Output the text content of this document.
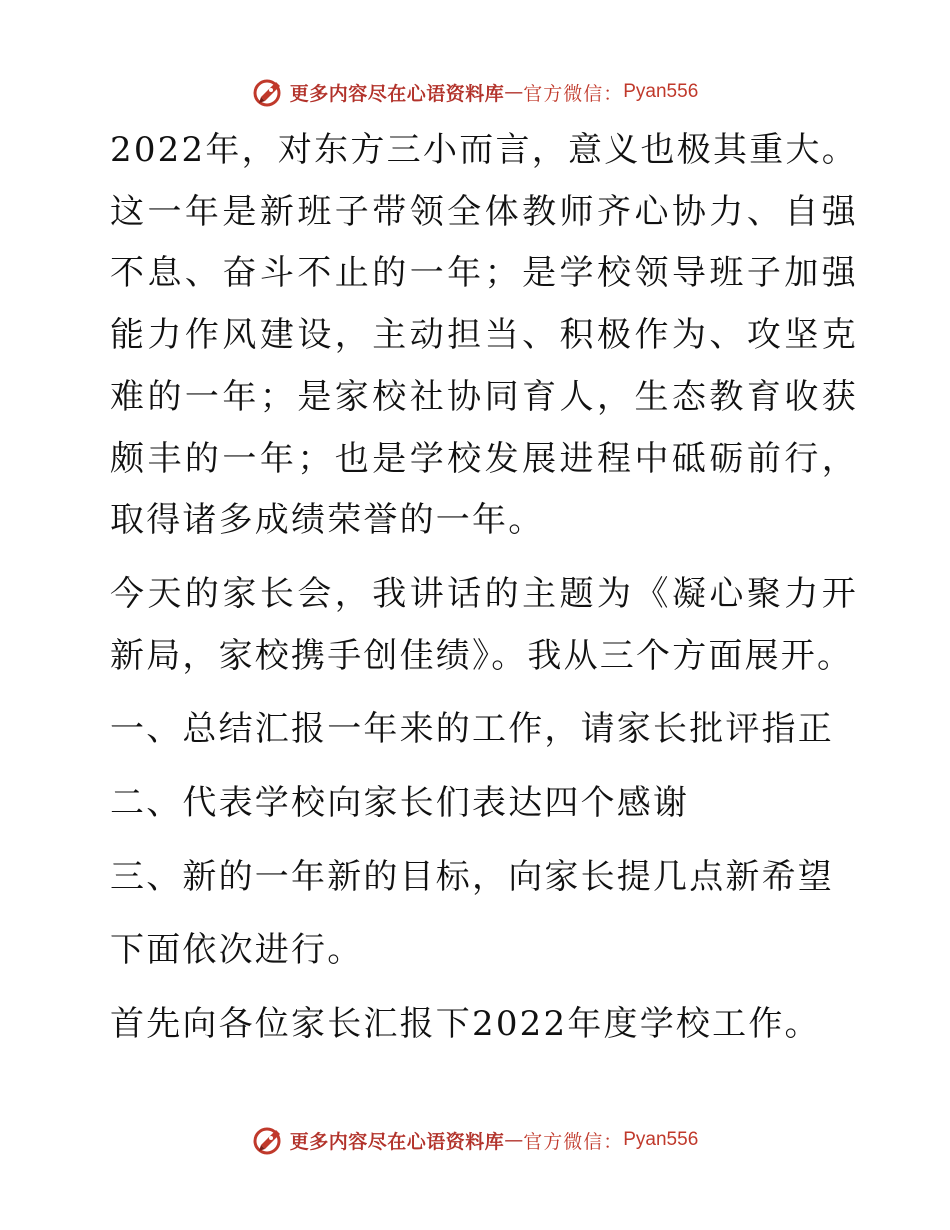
更多内容尽在心语资料库 — 官方微信： Pyan556

2022年，对东方三小而言，意义也极其重大。这一年是新班子带领全体教师齐心协力、自强不息、奋斗不止的一年；是学校领导班子加强能力作风建设，主动担当、积极作为、攻坚克难的一年；是家校社协同育人，生态教育收获颇丰的一年；也是学校发展进程中砥砺前行，取得诸多成绩荣誉的一年。

今天的家长会，我讲话的主题为《凝心聚力开新局，家校携手创佳绩》。我从三个方面展开。

一、总结汇报一年来的工作，请家长批评指正
二、代表学校向家长们表达四个感谢
三、新的一年新的目标，向家长提几点新希望
下面依次进行。
首先向各位家长汇报下2022年度学校工作。
更多内容尽在心语资料库 — 官方微信： Pyan556
